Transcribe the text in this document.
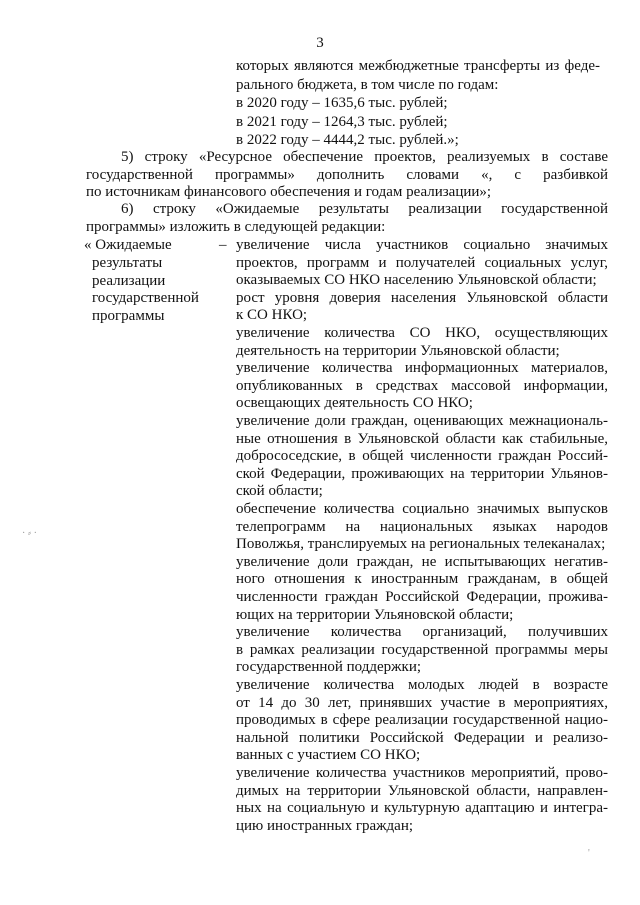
3
которых являются межбюджетные трансферты из феде-
рального бюджета, в том числе по годам:
в 2020 году – 1635,6 тыс. рублей;
в 2021 году – 1264,3 тыс. рублей;
в 2022 году – 4444,2 тыс. рублей.»;
5) строку «Ресурсное обеспечение проектов, реализуемых в составе
государственной программы» дополнить словами «, с разбивкой
по источникам финансового обеспечения и годам реализации»;
6) строку «Ожидаемые результаты реализации государственной
программы» изложить в следующей редакции:
« Ожидаемые
результаты
реализации
государственной
программы
– увеличение числа участников социально значимых
проектов, программ и получателей социальных услуг,
оказываемых СО НКО населению Ульяновской области;
рост уровня доверия населения Ульяновской области
к СО НКО;
увеличение количества СО НКО, осуществляющих
деятельность на территории Ульяновской области;
увеличение количества информационных материалов,
опубликованных в средствах массовой информации,
освещающих деятельность СО НКО;
увеличение доли граждан, оценивающих межнациональ-
ные отношения в Ульяновской области как стабильные,
добрососедские, в общей численности граждан Россий-
ской Федерации, проживающих на территории Ульянов-
ской области;
обеспечение количества социально значимых выпусков
телепрограмм на национальных языках народов
Поволжья, транслируемых на региональных телеканалах;
увеличение доли граждан, не испытывающих негатив-
ного отношения к иностранным гражданам, в общей
численности граждан Российской Федерации, прожива-
ющих на территории Ульяновской области;
увеличение количества организаций, получивших
в рамках реализации государственной программы меры
государственной поддержки;
увеличение количества молодых людей в возрасте
от 14 до 30 лет, принявших участие в мероприятиях,
проводимых в сфере реализации государственной нацио-
нальной политики Российской Федерации и реализо-
ванных с участием СО НКО;
увеличение количества участников мероприятий, прово-
димых на территории Ульяновской области, направлен-
ных на социальную и культурную адаптацию и интегра-
цию иностранных граждан;
· ⸗ ·
'
